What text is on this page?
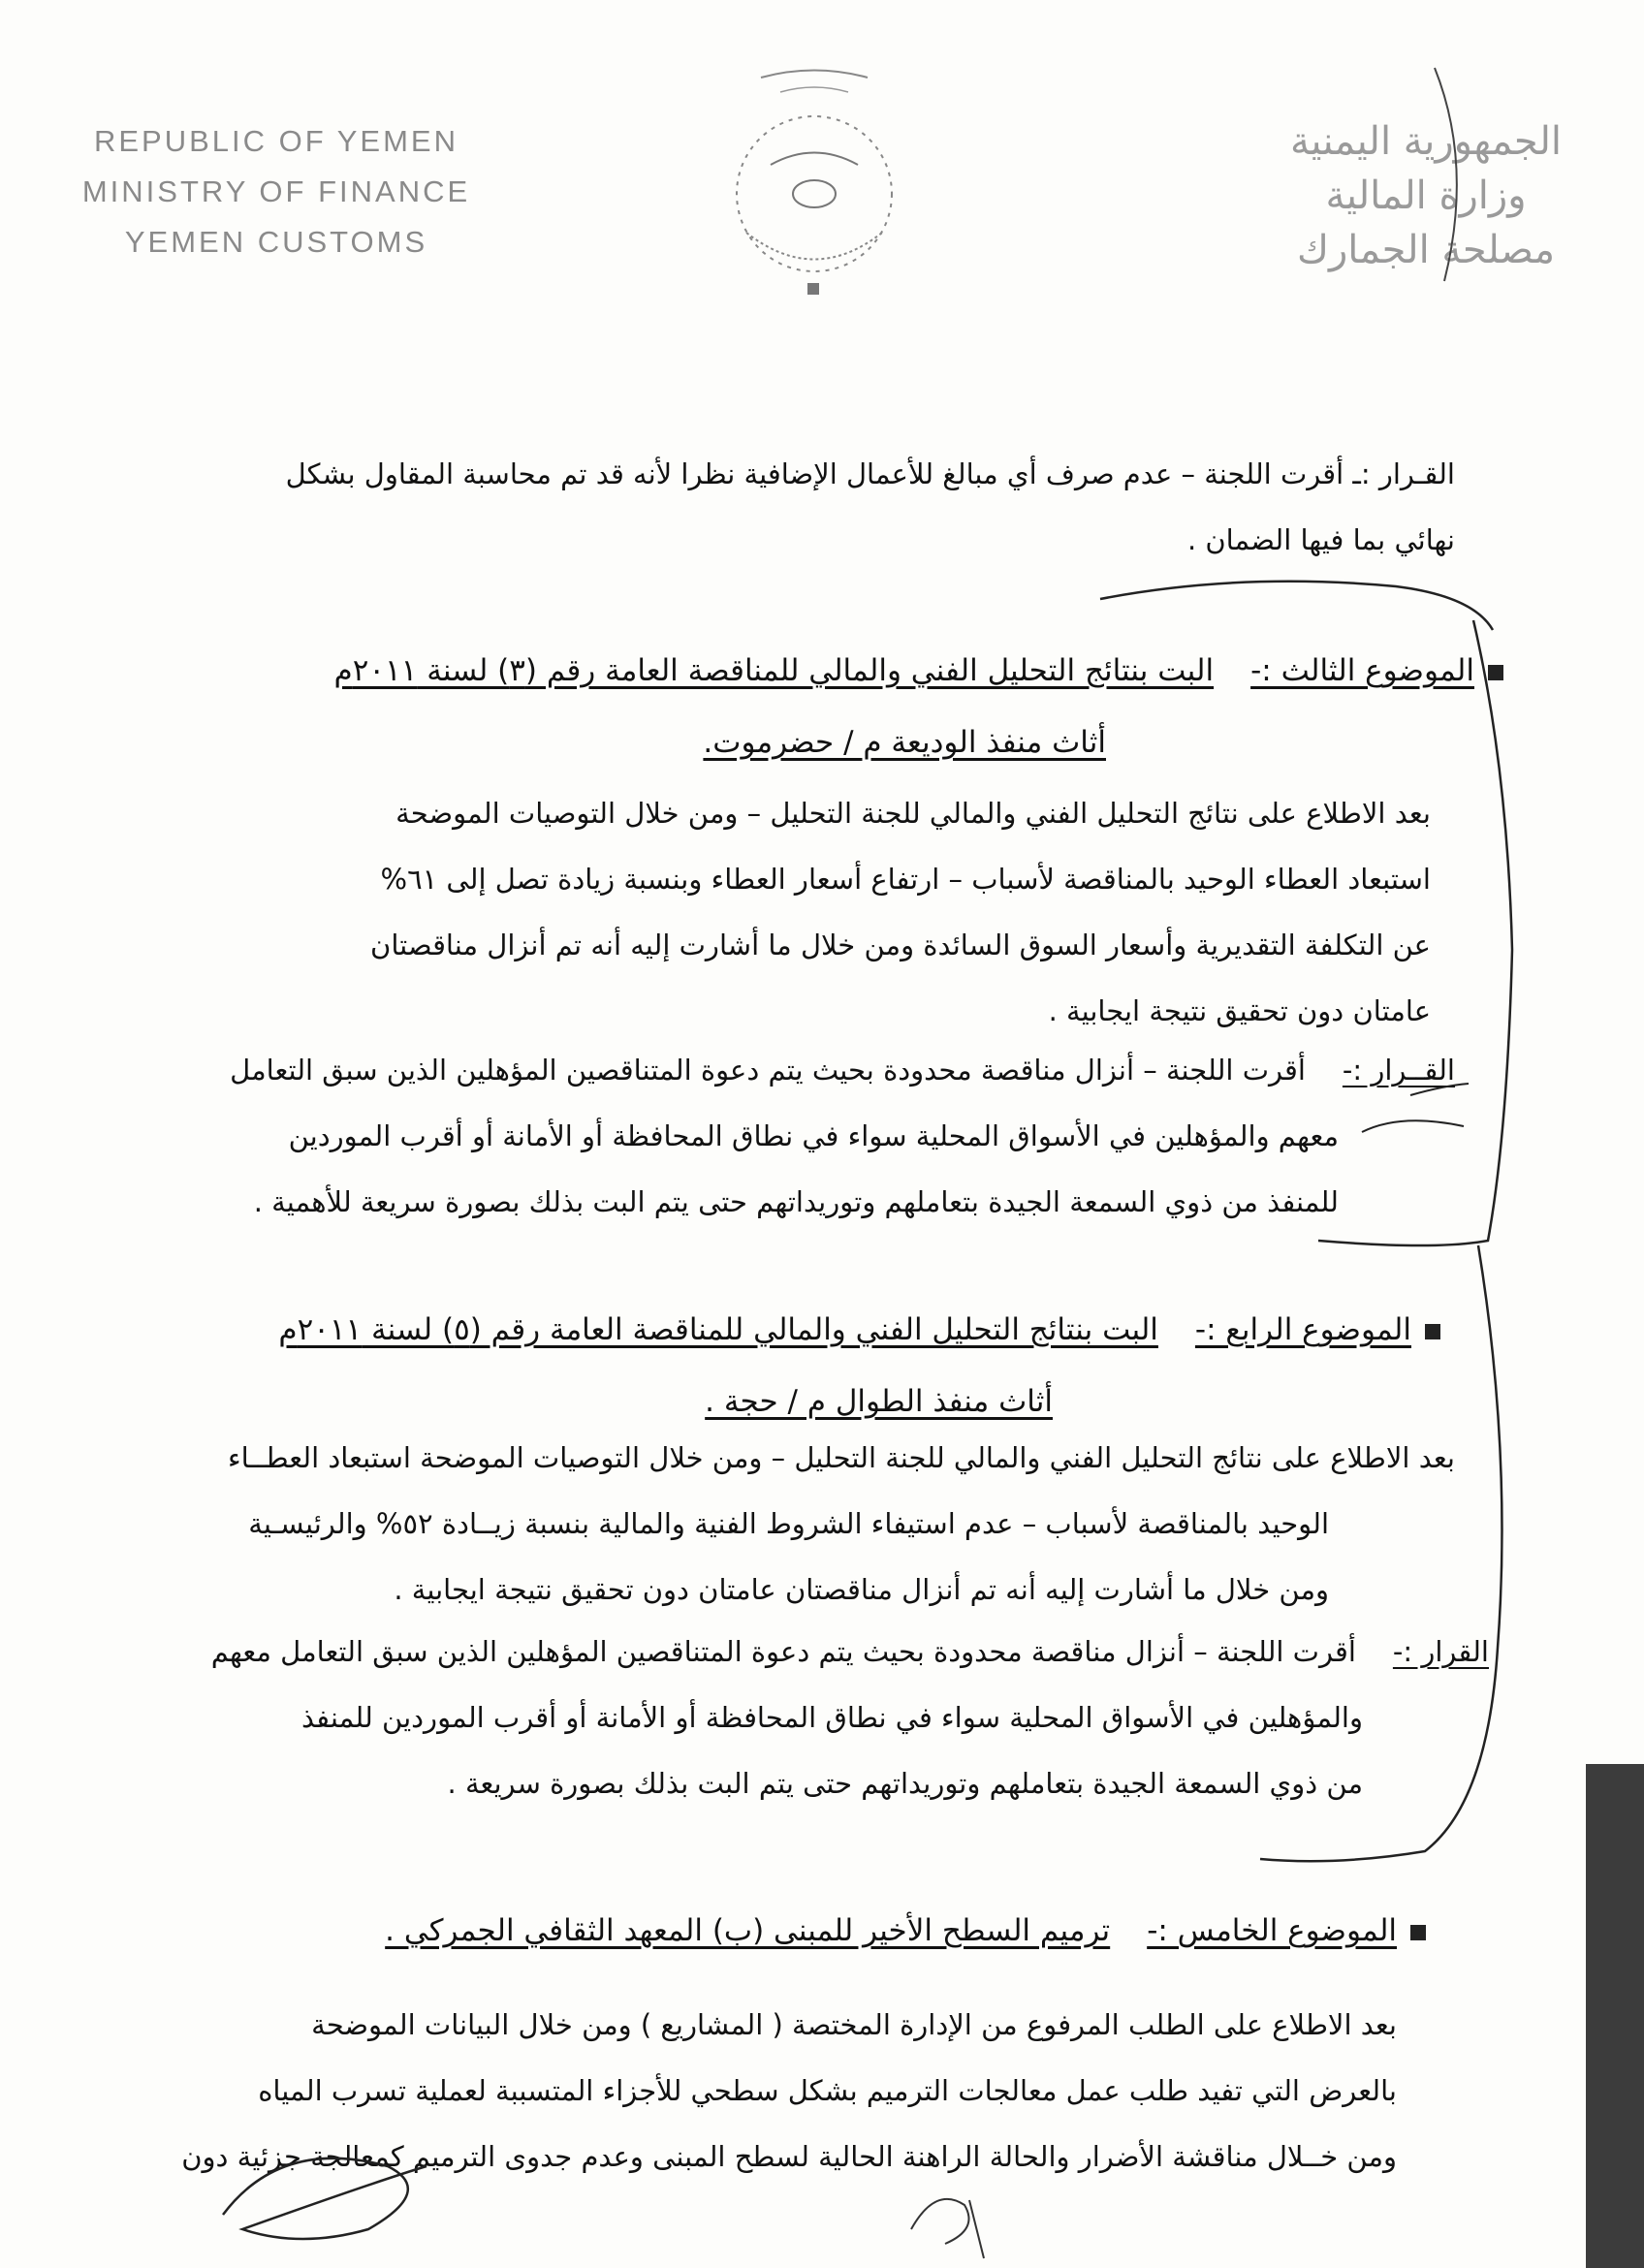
REPUBLIC OF YEMEN
MINISTRY OF FINANCE
YEMEN CUSTOMS
الجمهورية اليمنية
وزارة المالية
مصلحة الجمارك

القـرار :ـ أقرت اللجنة – عدم صرف أي مبالغ للأعمال الإضافية نظرا لأنه قد تم محاسبة المقاول بشكل

نهائي بما فيها الضمان .

الموضوع الثالث :-البت بنتائج التحليل الفني والمالي للمناقصة العامة رقم (٣) لسنة ٢٠١١م

أثاث منفذ الوديعة م / حضرموت.

بعد الاطلاع على نتائج التحليل الفني والمالي للجنة التحليل – ومن خلال التوصيات الموضحة

استبعاد العطاء الوحيد بالمناقصة لأسباب – ارتفاع أسعار العطاء وبنسبة زيادة تصل إلى ٦١%

عن التكلفة التقديرية وأسعار السوق السائدة ومن خلال ما أشارت إليه أنه تم أنزال مناقصتان

عامتان دون تحقيق نتيجة ايجابية .

القــرار :-أقرت اللجنة – أنزال مناقصة محدودة بحيث يتم دعوة المتناقصين المؤهلين الذين سبق التعامل

معهم والمؤهلين في الأسواق المحلية سواء في نطاق المحافظة أو الأمانة أو أقرب الموردين

للمنفذ من ذوي السمعة الجيدة بتعاملهم وتوريداتهم حتى يتم البت بذلك بصورة سريعة للأهمية .

الموضوع الرابع :-البت بنتائج التحليل الفني والمالي للمناقصة العامة رقم (٥) لسنة ٢٠١١م

أثاث منفذ الطوال م / حجة .

بعد الاطلاع على نتائج التحليل الفني والمالي للجنة التحليل – ومن خلال التوصيات الموضحة استبعاد العطــاء

الوحيد بالمناقصة لأسباب – عدم استيفاء الشروط الفنية والمالية بنسبة زيــادة ٥٢% والرئيسـية

ومن خلال ما أشارت إليه أنه تم أنزال مناقصتان عامتان دون تحقيق نتيجة ايجابية .

القرار :-أقرت اللجنة – أنزال مناقصة محدودة بحيث يتم دعوة المتناقصين المؤهلين الذين سبق التعامل معهم

والمؤهلين في الأسواق المحلية سواء في نطاق المحافظة أو الأمانة أو أقرب الموردين للمنفذ

من ذوي السمعة الجيدة بتعاملهم وتوريداتهم حتى يتم البت بذلك بصورة سريعة .

الموضوع الخامس :-ترميم السطح الأخير للمبنى (ب) المعهد الثقافي الجمركي .

بعد الاطلاع على الطلب المرفوع من الإدارة المختصة ( المشاريع ) ومن خلال البيانات الموضحة

بالعرض التي تفيد طلب عمل معالجات الترميم بشكل سطحي للأجزاء المتسببة لعملية تسرب المياه

ومن خــلال مناقشة الأضرار والحالة الراهنة الحالية لسطح المبنى وعدم جدوى الترميم كمعالجة جزئية دون
